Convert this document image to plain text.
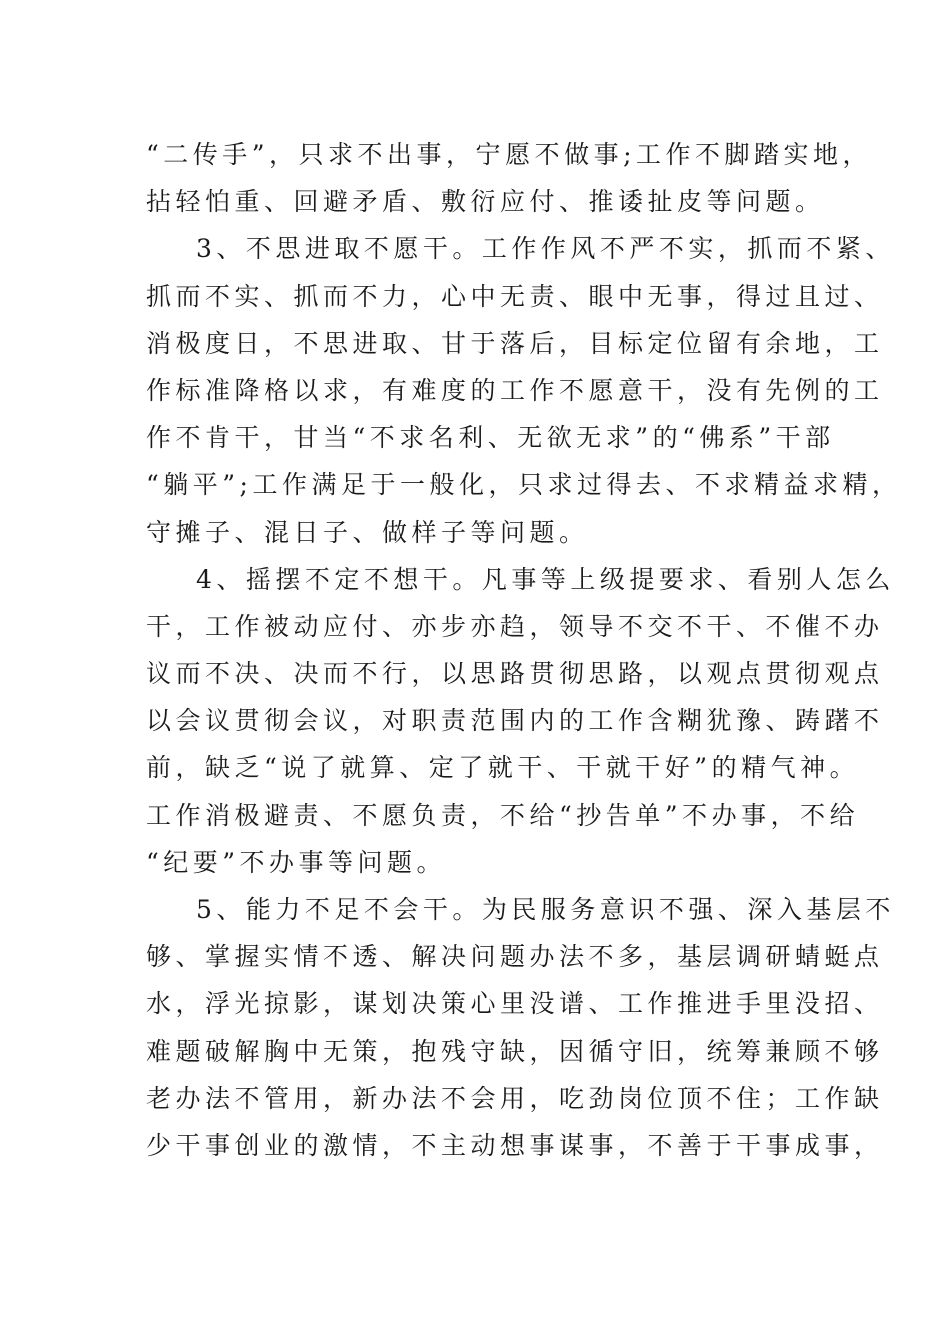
“二传手”，只求不出事，宁愿不做事;工作不脚踏实地，
拈轻怕重、回避矛盾、敷衍应付、推诿扯皮等问题。
3、不思进取不愿干。工作作风不严不实，抓而不紧、
抓而不实、抓而不力，心中无责、眼中无事，得过且过、
消极度日，不思进取、甘于落后，目标定位留有余地，工
作标准降格以求，有难度的工作不愿意干，没有先例的工
作不肯干，甘当“不求名利、无欲无求”的“佛系”干部
“躺平”;工作满足于一般化，只求过得去、不求精益求精，
守摊子、混日子、做样子等问题。
4、摇摆不定不想干。凡事等上级提要求、看别人怎么
干，工作被动应付、亦步亦趋，领导不交不干、不催不办
议而不决、决而不行，以思路贯彻思路，以观点贯彻观点
以会议贯彻会议，对职责范围内的工作含糊犹豫、踌躇不
前，缺乏“说了就算、定了就干、干就干好”的精气神。
工作消极避责、不愿负责，不给“抄告单”不办事，不给
“纪要”不办事等问题。
5、能力不足不会干。为民服务意识不强、深入基层不
够、掌握实情不透、解决问题办法不多，基层调研蜻蜓点
水，浮光掠影，谋划决策心里没谱、工作推进手里没招、
难题破解胸中无策，抱残守缺，因循守旧，统筹兼顾不够
老办法不管用，新办法不会用，吃劲岗位顶不住；工作缺
少干事创业的激情，不主动想事谋事，不善于干事成事，
